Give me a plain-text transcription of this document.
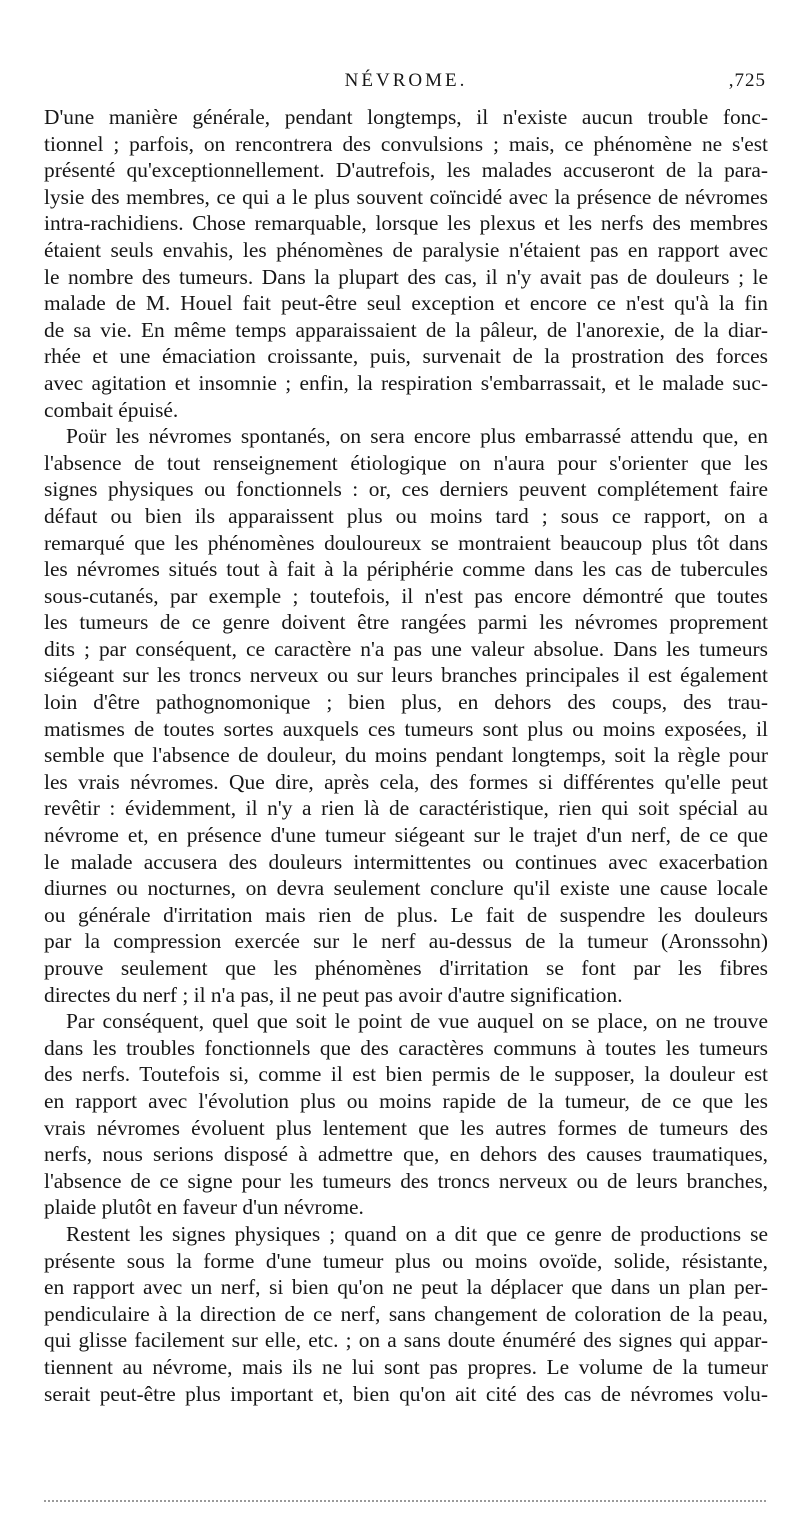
NÉVROME.	,725
D'une manière générale, pendant longtemps, il n'existe aucun trouble fonc-
tionnel ; parfois, on rencontrera des convulsions ; mais, ce phénomène ne s'est
présenté qu'exceptionnellement. D'autrefois, les malades accuseront de la para-
lysie des membres, ce qui a le plus souvent coïncidé avec la présence de névromes
intra-rachidiens. Chose remarquable, lorsque les plexus et les nerfs des membres
étaient seuls envahis, les phénomènes de paralysie n'étaient pas en rapport avec
le nombre des tumeurs. Dans la plupart des cas, il n'y avait pas de douleurs ; le
malade de M. Houel fait peut-être seul exception et encore ce n'est qu'à la fin
de sa vie. En même temps apparaissaient de la pâleur, de l'anorexie, de la diar-
rhée et une émaciation croissante, puis, survenait de la prostration des forces
avec agitation et insomnie ; enfin, la respiration s'embarrassait, et le malade suc-
combait épuisé.
Poür les névromes spontanés, on sera encore plus embarrassé attendu que, en
l'absence de tout renseignement étiologique on n'aura pour s'orienter que les
signes physiques ou fonctionnels : or, ces derniers peuvent complétement faire
défaut ou bien ils apparaissent plus ou moins tard ; sous ce rapport, on a
remarqué que les phénomènes douloureux se montraient beaucoup plus tôt dans
les névromes situés tout à fait à la périphérie comme dans les cas de tubercules
sous-cutanés, par exemple ; toutefois, il n'est pas encore démontré que toutes
les tumeurs de ce genre doivent être rangées parmi les névromes proprement
dits ; par conséquent, ce caractère n'a pas une valeur absolue. Dans les tumeurs
siégeant sur les troncs nerveux ou sur leurs branches principales il est également
loin d'être pathognomonique ; bien plus, en dehors des coups, des trau-
matismes de toutes sortes auxquels ces tumeurs sont plus ou moins exposées, il
semble que l'absence de douleur, du moins pendant longtemps, soit la règle pour
les vrais névromes. Que dire, après cela, des formes si différentes qu'elle peut
revêtir : évidemment, il n'y a rien là de caractéristique, rien qui soit spécial au
névrome et, en présence d'une tumeur siégeant sur le trajet d'un nerf, de ce que
le malade accusera des douleurs intermittentes ou continues avec exacerbation
diurnes ou nocturnes, on devra seulement conclure qu'il existe une cause locale
ou générale d'irritation mais rien de plus. Le fait de suspendre les douleurs
par la compression exercée sur le nerf au-dessus de la tumeur (Aronssohn)
prouve seulement que les phénomènes d'irritation se font par les fibres
directes du nerf ; il n'a pas, il ne peut pas avoir d'autre signification.
Par conséquent, quel que soit le point de vue auquel on se place, on ne trouve
dans les troubles fonctionnels que des caractères communs à toutes les tumeurs
des nerfs. Toutefois si, comme il est bien permis de le supposer, la douleur est
en rapport avec l'évolution plus ou moins rapide de la tumeur, de ce que les
vrais névromes évoluent plus lentement que les autres formes de tumeurs des
nerfs, nous serions disposé à admettre que, en dehors des causes traumatiques,
l'absence de ce signe pour les tumeurs des troncs nerveux ou de leurs branches,
plaide plutôt en faveur d'un névrome.
Restent les signes physiques ; quand on a dit que ce genre de productions se
présente sous la forme d'une tumeur plus ou moins ovoïde, solide, résistante,
en rapport avec un nerf, si bien qu'on ne peut la déplacer que dans un plan per-
pendiculaire à la direction de ce nerf, sans changement de coloration de la peau,
qui glisse facilement sur elle, etc. ; on a sans doute énuméré des signes qui appar-
tiennent au névrome, mais ils ne lui sont pas propres. Le volume de la tumeur
serait peut-être plus important et, bien qu'on ait cité des cas de névromes volu-
